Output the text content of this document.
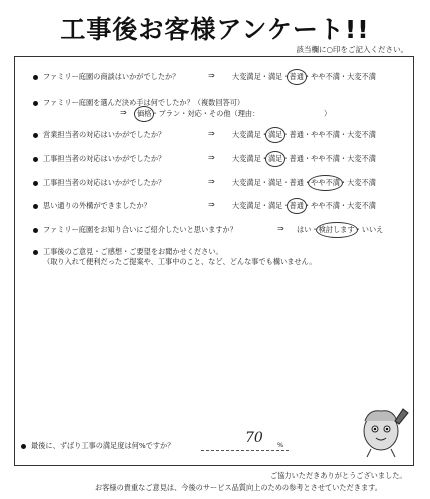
工事後お客様アンケート!!
該当欄に○印をご記入ください。
ファミリー庭園の商談はいかがでしたか？	⇒ 大変満足・満足・普通・やや不満・大変不満
ファミリー庭園を選んだ決め手は何でしたか？（複数回答可）
⇒ 価格・プラン・対応・その他（理由：　　　　　　　　　	）
営業担当者の対応はいかがでしたか？	⇒ 大変満足・満足・普通・やや不満・大変不満
工事担当者の対応はいかがでしたか？	⇒ 大変満足・満足・普通・やや不満・大変不満
工事担当者の対応はいかがでしたか？	⇒ 大変満足・満足・普通・やや不満・大変不満
思い通りの外構ができましたか？	⇒ 大変満足・満足・普通・やや不満・大変不満
ファミリー庭園をお知り合いにご紹介したいと思いますか？	⇒ はい・検討します・いいえ
工事後のご意見・ご感想・ご要望をお聞かせください。
（取り入れて便利だったご提案や、工事中のこと、など、どんな事でも構いません。
最後に、ずばり工事の満足度は何%ですか？	70 %
ご協力いただきありがとうございました。
お客様の貴重なご意見は、今後のサービス品質向上のための参考とさせていただきます。
